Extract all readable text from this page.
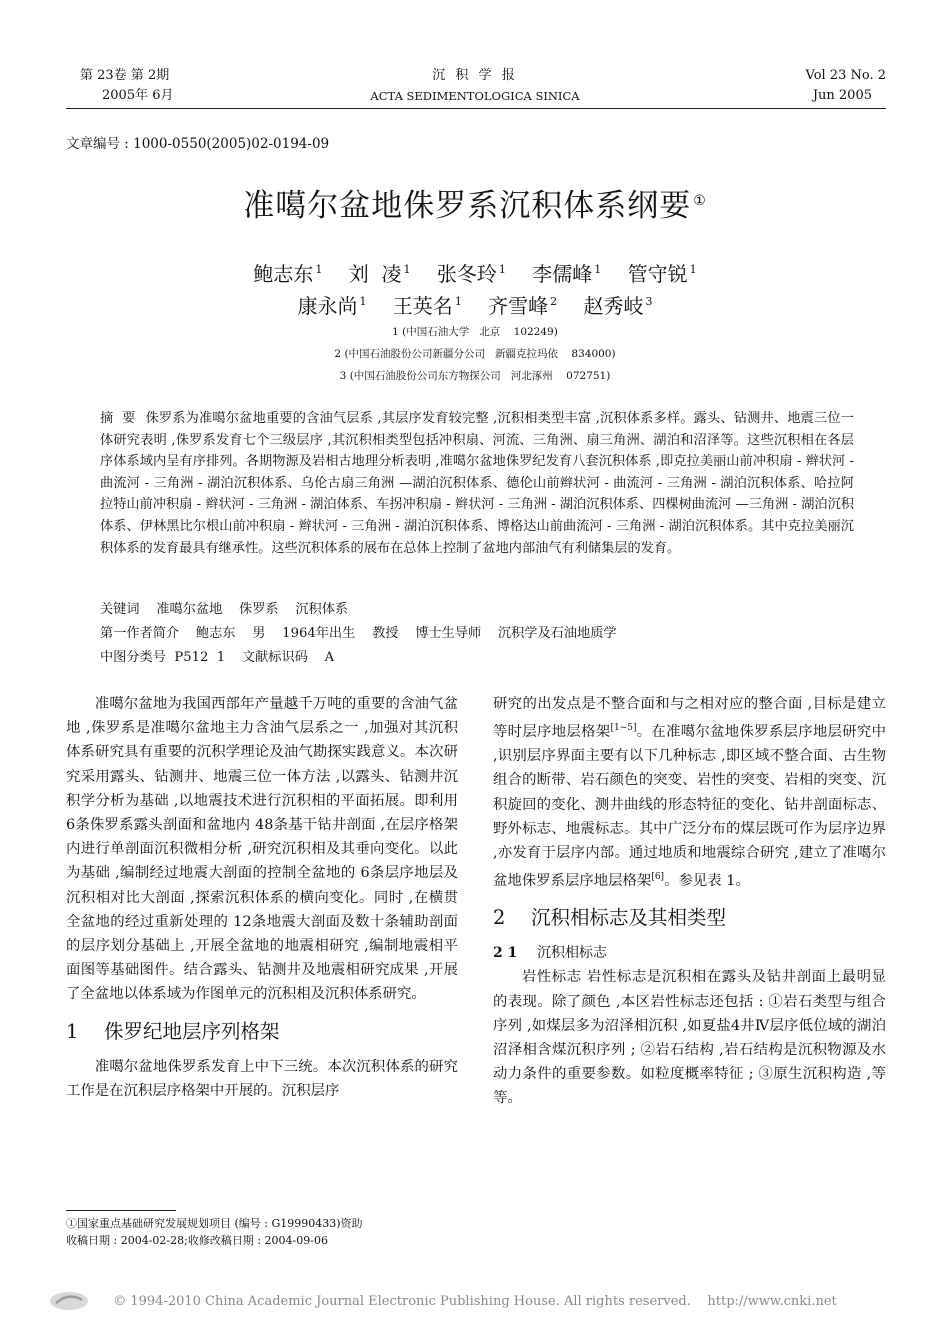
第 23卷 第 2期
2005年 6月
沉 积 学 报
ACTA SEDIMENTOLOGICA SINICA
Vol 23 No. 2
Jun 2005
文章编号 : 1000-0550(2005)02-0194-09
准噶尔盆地侏罗系沉积体系纲要 ①
鲍志东 $^1$ 刘  凌 $^1$ 张冬玲 $^1$ 李儒峰 $^1$ 管守锐 $^1$
康永尚 $^1$ 王英名 $^1$ 齐雪峰 $^2$ 赵秀岐 $^3$
1 (中国石油大学   北京    102249)
2 (中国石油股份公司新疆分公司   新疆克拉玛依    834000)
3 (中国石油股份公司东方物探公司   河北涿州    072751)
摘  要 侏罗系为准噶尔盆地重要的含油气层系 ,其层序发育较完整 ,沉积相类型丰富 ,沉积体系多样。露头、钻测井、地震三位一体研究表明 ,侏罗系发育七个三级层序 ,其沉积相类型包括冲积扇、河流、三角洲、扇三角洲、湖泊和沼泽等。这些沉积相在各层序体系域内呈有序排列。各期物源及岩相古地理分析表明 ,准噶尔盆地侏罗纪发育八套沉积体系 ,即克拉美丽山前冲积扇 - 辫状河 - 曲流河 - 三角洲 - 湖泊沉积体系、乌伦古扇三角洲 —湖泊沉积体系、德伦山前辫状河 - 曲流河 - 三角洲 - 湖泊沉积体系、哈拉阿拉特山前冲积扇 - 辫状河 - 三角洲 - 湖泊体系、车拐冲积扇 - 辫状河 - 三角洲 - 湖泊沉积体系、四棵树曲流河 —三角洲 - 湖泊沉积体系、伊林黑比尔根山前冲积扇 - 辫状河 - 三角洲 - 湖泊沉积体系、博格达山前曲流河 - 三角洲 - 湖泊沉积体系。其中克拉美丽沉积体系的发育最具有继承性。这些沉积体系的展布在总体上控制了盆地内部油气有利储集层的发育。
关键词    准噶尔盆地    侏罗系    沉积体系
第一作者简介    鲍志东    男    1964年出生    教授    博士生导师    沉积学及石油地质学
中图分类号  P512  1    文献标识码    A

准噶尔盆地为我国西部年产量越千万吨的重要的含油气盆地 ,侏罗系是准噶尔盆地主力含油气层系之一 ,加强对其沉积体系研究具有重要的沉积学理论及油气勘探实践意义。本次研究采用露头、钻测井、地震三位一体方法 ,以露头、钻测井沉积学分析为基础 ,以地震技术进行沉积相的平面拓展。即利用 6条侏罗系露头剖面和盆地内 48条基干钻井剖面 ,在层序格架内进行单剖面沉积微相分析 ,研究沉积相及其垂向变化。以此为基础 ,编制经过地震大剖面的控制全盆地的 6条层序地层及沉积相对比大剖面 ,探索沉积体系的横向变化。同时 ,在横贯全盆地的经过重新处理的 12条地震大剖面及数十条辅助剖面的层序划分基础上 ,开展全盆地的地震相研究 ,编制地震相平面图等基础图件。结合露头、钻测井及地震相研究成果 ,开展了全盆地以体系域为作图单元的沉积相及沉积体系研究。

1 侏罗纪地层序列格架

准噶尔盆地侏罗系发育上中下三统。本次沉积体系的研究工作是在沉积层序格架中开展的。沉积层序

研究的出发点是不整合面和与之相对应的整合面 ,目标是建立等时层序地层格架[1~5]。在准噶尔盆地侏罗系层序地层研究中 ,识别层序界面主要有以下几种标志 ,即区域不整合面、古生物组合的断带、岩石颜色的突变、岩性的突变、岩相的突变、沉积旋回的变化、测井曲线的形态特征的变化、钻井剖面标志、野外标志、地震标志。其中广泛分布的煤层既可作为层序边界 ,亦发育于层序内部。通过地质和地震综合研究 ,建立了准噶尔盆地侏罗系层序地层格架[6]。参见表 1。

2 沉积相标志及其相类型
2 1 沉积相标志

岩性标志 岩性标志是沉积相在露头及钻井剖面上最明显的表现。除了颜色 ,本区岩性标志还包括 : ①岩石类型与组合序列 ,如煤层多为沼泽相沉积 ,如夏盐4井Ⅳ层序低位域的湖泊沼泽相含煤沉积序列 ; ②岩石结构 ,岩石结构是沉积物源及水动力条件的重要参数。如粒度概率特征 ; ③原生沉积构造 ,等等。

①国家重点基础研究发展规划项目 (编号 : G19990433)资助
收稿日期 : 2004-02-28;收修改稿日期 : 2004-09-06
© 1994-2010 China Academic Journal Electronic Publishing House. All rights reserved.    http://www.cnki.net
